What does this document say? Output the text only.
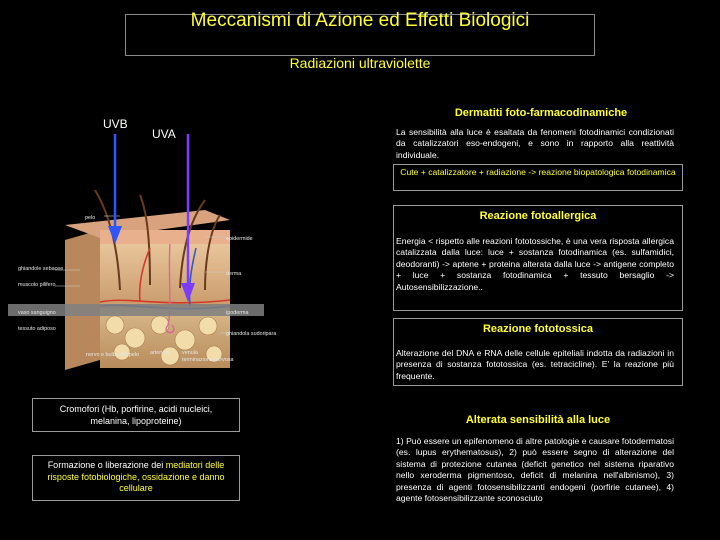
Meccanismi di Azione ed Effetti Biologici
Radiazioni ultraviolette
UVB
UVA
pelo
epidermide
derma
ghiandole sebacee
muscolo pilifero
vaso sanguigno	ipoderma
ghiandola sudoripara
tessuto adiposo
nervo e bulbo del pelo arteriola venula
terminazione nervosa
Cromofori (Hb, porfirine, acidi nucleici, melanina, lipoproteine)
Formazione o liberazione dei mediatori delle risposte fotobiologiche, ossidazione e danno cellulare
Dermatiti foto-farmacodinamiche
La sensibilità alla luce è esaltata da fenomeni fotodinamici condizionati da catalizzatori eso-endogeni, e sono in rapporto alla reattività individuale.
Cute + catalizzatore + radiazione -> reazione biopatologica fotodinamica
Reazione fotoallergica
Energia < rispetto alle reazioni fototossiche, è una vera risposta allergica catalizzata dalla luce: luce + sostanza fotodinamica (es. sulfamidici, deodoranti) -> aptene + proteina alterata dalla luce -> antigene completo + luce + sostanza fotodinamica + tessuto bersaglio -> Autosensibilizzazione..
Reazione fototossica
Alterazione del DNA e RNA delle cellule epiteliali indotta da radiazioni in presenza di sostanza fototossica (es. tetracicline). E' la reazione più frequente.
Alterata sensibilità alla luce
1) Può essere un epifenomeno di altre patologie e causare fotodermatosi (es. lupus erythematosus), 2) può essere segno di alterazione del sistema di protezione cutanea (deficit genetico nel sistema riparativo nello xeroderma pigmentoso, deficit di melanina nell'albinismo), 3) presenza di agenti fotosensibilizzanti endogeni (porfirie cutanee), 4) agente fotosensibilizzante sconosciuto
